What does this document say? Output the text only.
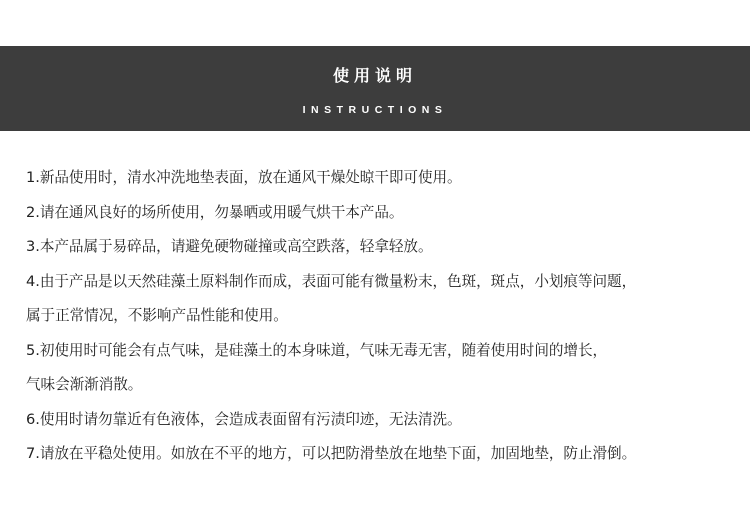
使用说明
INSTRUCTIONS
1.新品使用时，清水冲洗地垫表面，放在通风干燥处晾干即可使用。
2.请在通风良好的场所使用，勿暴晒或用暖气烘干本产品。
3.本产品属于易碎品，请避免硬物碰撞或高空跌落，轻拿轻放。
4.由于产品是以天然硅藻土原料制作而成，表面可能有微量粉末，色斑，斑点，小划痕等问题，
属于正常情况，不影响产品性能和使用。
5.初使用时可能会有点气味，是硅藻土的本身味道，气味无毒无害，随着使用时间的增长，
气味会渐渐消散。
6.使用时请勿靠近有色液体，会造成表面留有污渍印迹，无法清洗。
7.请放在平稳处使用。如放在不平的地方，可以把防滑垫放在地垫下面，加固地垫，防止滑倒。
